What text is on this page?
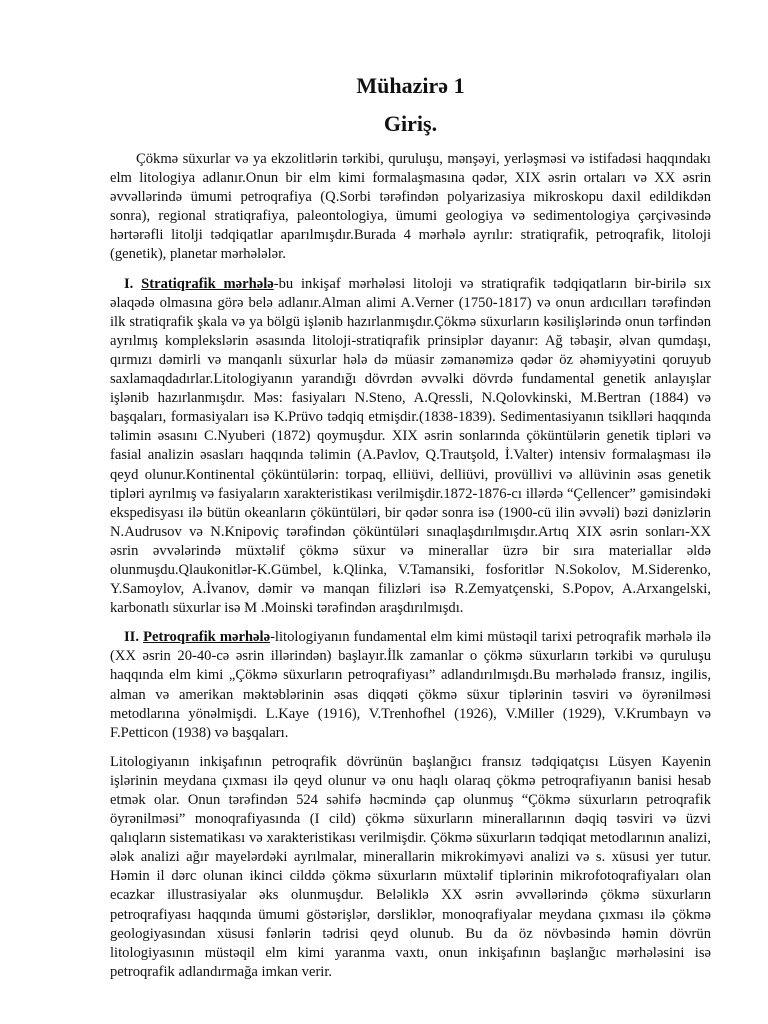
Mühazirə 1
Giriş.

Çökmə süxurlar və ya ekzolitlərin tərkibi, quruluşu, mənşəyi, yerləşməsi və istifadəsi haqqındakı elm litologiya adlanır.Onun bir elm kimi formalaşmasına qədər, XIX əsrin ortaları və XX əsrin əvvəllərində ümumi petroqrafiya (Q.Sorbi tərəfindən polyarizasiya mikroskopu daxil edildikdən sonra), regional stratiqrafiya, paleontologiya, ümumi geologiya və sedimentologiya çərçivəsində hərtərəfli litolji tədqiqatlar aparılmışdır.Burada 4 mərhələ ayrılır: stratiqrafik, petroqrafik, litoloji (genetik), planetar mərhələlər.

I. Stratiqrafik mərhələ-bu inkişaf mərhələsi litoloji və stratiqrafik tədqiqatların bir-birilə sıx əlaqədə olmasına görə belə adlanır.Alman alimi A.Verner (1750-1817) və onun ardıcılları tərəfindən ilk stratiqrafik şkala və ya bölgü işlənib hazırlanmışdır.Çökmə süxurların kəsilişlərində onun tərfindən ayrılmış komplekslərin əsasında litoloji-stratiqrafik prinsiplər dayanır: Ağ təbaşir, əlvan qumdaşı, qırmızı dəmirli və manqanlı süxurlar hələ də müasir zəmanəmizə qədər öz əhəmiyyətini qoruyub saxlamaqdadırlar.Litologiyanın yarandığı dövrdən əvvəlki dövrdə fundamental genetik anlayışlar işlənib hazırlanmışdır. Məs: fasiyaları N.Steno, A.Qressli, N.Qolovkinski, M.Bertran (1884) və başqaları, formasiyaları isə K.Prüvo tədqiq etmişdir.(1838-1839). Sedimentasiyanın tsiklləri haqqında təlimin əsasını C.Nyuberi (1872) qoymuşdur. XIX əsrin sonlarında çöküntülərin genetik tipləri və fasial analizin əsasları haqqında təlimin (A.Pavlov, Q.Trautşold, İ.Valter) intensiv formalaşması ilə qeyd olunur.Kontinental çöküntülərin: torpaq, elliüvi, delliüvi, provüllivi və allüvinin əsas genetik tipləri ayrılmış və fasiyaların xarakteristikası verilmişdir.1872-1876-cı illərdə “Çellencer” gəmisindəki ekspedisyası ilə bütün okeanların çöküntüləri, bir qədər sonra isə (1900-cü ilin əvvəli) bəzi dənizlərin N.Audrusov və N.Knipoviç tərəfindən çöküntüləri sınaqlaşdırılmışdır.Artıq XIX əsrin sonları-XX əsrin əvvələrində müxtəlif çökmə süxur və minerallar üzrə bir sıra materiallar əldə olunmuşdu.Qlaukonitlər-K.Gümbel, k.Qlinka, V.Tamansiki, fosforitlər N.Sokolov, M.Siderenko, Y.Samoylov, A.İvanov, dəmir və manqan filizləri isə R.Zemyatçenski, S.Popov, A.Arxangelski, karbonatlı süxurlar isə M .Moinski tərəfindən araşdırılmışdı.

II. Petroqrafik mərhələ-litologiyanın fundamental elm kimi müstəqil tarixi petroqrafik mərhələ ilə (XX əsrin 20-40-cə əsrin illərindən) başlayır.İlk zamanlar o çökmə süxurların tərkibi və quruluşu haqqında elm kimi „Çökmə süxurların petroqrafiyası” adlandırılmışdı.Bu mərhələdə fransız, ingilis, alman və amerikan məktəblərinin əsas diqqəti çökmə süxur tiplərinin təsviri və öyrənilməsi metodlarına yönəlmişdi. L.Kaye (1916), V.Trenhofhel (1926), V.Miller (1929), V.Krumbayn və F.Petticon (1938) və başqaları.

Litologiyanın inkişafının petroqrafik dövrünün başlanğıcı fransız tədqiqatçısı Lüsyen Kayenin işlərinin meydana çıxması ilə qeyd olunur və onu haqlı olaraq çökmə petroqrafiyanın banisi hesab etmək olar. Onun tərəfindən 524 səhifə həcmində çap olunmuş “Çökmə süxurların petroqrafik öyrənilməsi” monoqrafiyasında (I cild) çökmə süxurların minerallarının dəqiq təsviri və üzvi qalıqların sistematikası və xarakteristikası verilmişdir. Çökmə süxurların tədqiqat metodlarının analizi, ələk analizi ağır mayelərdəki ayrılmalar, minerallarin mikrokimyəvi analizi və s. xüsusi yer tutur. Həmin il dərc olunan ikinci cilddə çökmə süxurların müxtəlif tiplərinin mikrofotoqrafiyaları olan ecazkar illustrasiyalar əks olunmuşdur. Beləliklə XX əsrin əvvəllərində çökmə süxurların petroqrafiyası haqqında ümumi göstərişlər, dərsliklər, monoqrafiyalar meydana çıxması ilə çökmə geologiyasından xüsusi fənlərin tədrisi qeyd olunub. Bu da öz növbəsində həmin dövrün litologiyasının müstəqil elm kimi yaranma vaxtı, onun inkişafının başlanğıc mərhələsini isə petroqrafik adlandırmağa imkan verir.
